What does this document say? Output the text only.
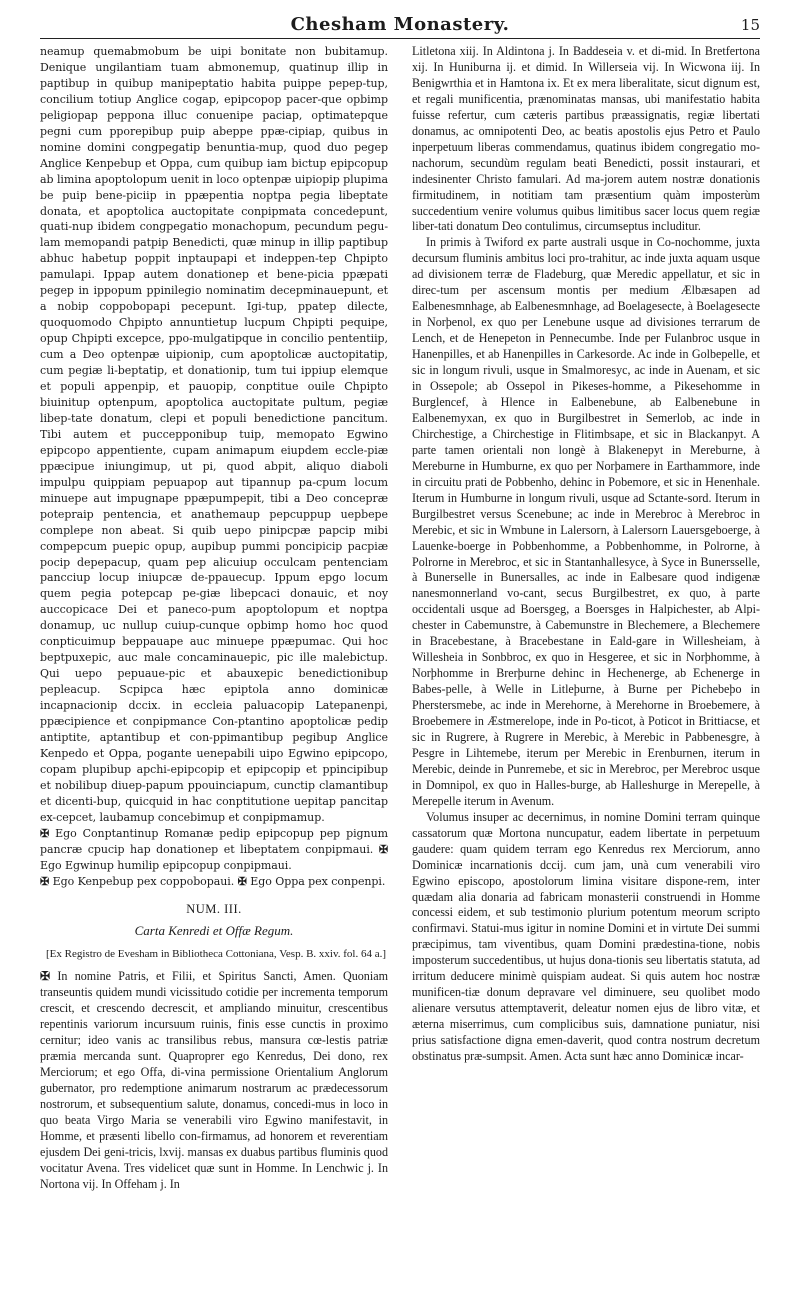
Chesham Monastery.	15

neamup quemabmobum be uipi bonitate non bubitamup. Denique ungilantiam tuam abmonemup, quatinup illip in paptibup in quibup manipeptatio habita puippe pepep-tup, concilium totiup Anglice cogap, epipcopop pacer-que opbimp peligiopap peppona illuc conuenipe paciap, optimatepque pegni cum pporepibup puip abeppe ppæ-cipiap, quibus in nomine domini congpegatip benuntia-mup, quod duo pegep Anglice Kenpebup et Oppa, cum quibup iam bictup epipcopup ab limina apoptolopum uenit in loco optenpæ uipiopip plupima be puip bene-piciip in ppæpentia noptpa pegia libeptate donata, et apoptolica auctopitate conpipmata concedepunt, quati-nup ibidem congpegatio monachopum, pecundum pegu-lam memopandi patpip Benedicti, quæ minup in illip paptibup abhuc habetup poppit inptaupapi et indeppen-tep Chpipto pamulapi. Ippap autem donationep et bene-picia ppæpati pegep in ippopum ppinilegio nominatim decepminauepunt, et a nobip coppobopapi pecepunt. Igi-tup, ppatep dilecte, quoquomodo Chpipto annuntietup lucpum Chpipti pequipe, opup Chpipti excepce, ppo-mulgatipque in concilio pententiip, cum a Deo optenpæ uipionip, cum apoptolicæ auctopitatip, cum pegiæ li-beptatip, et donationip, tum tui ippiup elemque et populi appenpip, et pauopip, conptitue ouile Chpipto biuinitup optenpum, apoptolica auctopitate pultum, pegiæ libep-tate donatum, clepi et populi benedictione pancitum. Tibi autem et puccepponibup tuip, memopato Egwino epipcopo appentiente, cupam animapum eiupdem eccle-piæ ppæcipue iniungimup, ut pi, quod abpit, aliquo diaboli impulpu quippiam pepuapop aut tipannup pa-cpum locum minuepe aut impugnape ppæpumpepit, tibi a Deo concepræ potepraip pentencia, et anathemaup pepcuppup uepbepe complepe non abeat. Si quib uepo pinipcpæ papcip mibi compepcum puepic opup, aupibup pummi poncipicip pacpiæ pocip depepacup, quam pep alicuiup occulcam pentenciam pancciup locup iniupcæ de-ppauecup. Ippum epgo locum quem pegia potepcap pe-giæ libepcaci donauic, et noy auccopicace Dei et paneco-pum apoptolopum et noptpa donamup, uc nullup cuiup-cunque opbimp homo hoc quod conpticuimup beppauape auc minuepe ppæpumac. Qui hoc beptpuxepic, auc male concaminauepic, pic ille malebictup. Qui uepo pepuaue-pic et abauxepic benedictionibup pepleacup. Scpipca hæc epiptola anno dominicæ incapnacionip dccix. in eccleia paluacopip Latepanenpi, ppæcipience et conpipmance Con-ptantino apoptolicæ pedip antiptite, aptantibup et con-ppimantibup pegibup Anglice Kenpedo et Oppa, pogante uenepabili uipo Egwino epipcopo, copam plupibup apchi-epipcopip et epipcopip et ppincipibup et nobilibup diuep-papum ppouinciapum, cunctip clamantibup et dicenti-bup, quicquid in hac conptitutione uepitap pancitap ex-cepcet, laubamup concebimup et conpipmamup.

✠ Ego Conptantinup Romanæ pedip epipcopup pep pignum pancræ cpucip hap donationep et libeptatem conpipmaui. ✠ Ego Egwinup humilip epipcopup conpipmaui.

✠ Ego Kenpebup pex coppobopaui. ✠ Ego Oppa pex conpenpi.

NUM. III.

Carta Kenredi et Offæ Regum.

[Ex Registro de Evesham in Bibliotheca Cottoniana, Vesp. B. xxiv. fol. 64 a.]

✠ In nomine Patris, et Filii, et Spiritus Sancti, Amen. Quoniam transeuntis quidem mundi vicissitudo cotidie per incrementa temporum crescit, et crescendo decrescit, et ampliando minuitur, crescentibus repentinis variorum incursuum ruinis, finis esse cunctis in proximo cernitur; ideo vanis ac transilibus rebus, mansura cœ-lestis patriæ præmia mercanda sunt. Quaproprer ego Kenredus, Dei dono, rex Merciorum; et ego Offa, di-vina permissione Orientalium Anglorum gubernator, pro redemptione animarum nostrarum ac prædecessorum nostrorum, et subsequentium salute, donamus, concedi-mus in loco in quo beata Virgo Maria se venerabili viro Egwino manifestavit, in Homme, et præsenti libello con-firmamus, ad honorem et reverentiam ejusdem Dei geni-tricis, lxvij. mansas ex duabus partibus fluminis quod vocitatur Avena. Tres videlicet quæ sunt in Homme. In Lenchwic j. In Nortona vij. In Offeham j. In

Litletona xiij. In Aldintona j. In Baddeseia v. et di-mid. In Bretfertona xij. In Huniburna ij. et dimid. In Willerseia vij. In Wicwona iij. In Benigwrthia et in Hamtona ix. Et ex mera liberalitate, sicut dignum est, et regali munificentia, prænominatas mansas, ubi manifestatio habita fuisse refertur, cum cæteris partibus præassignatis, regiæ libertati donamus, ac omnipotenti Deo, ac beatis apostolis ejus Petro et Paulo inperpetuum liberas commendamus, quatinus ibidem congregatio mo-nachorum, secundùm regulam beati Benedicti, possit instaurari, et indesinenter Christo famulari. Ad ma-jorem autem nostræ donationis firmitudinem, in notitiam tam præsentium quàm imposterùm succedentium venire volumus quibus limitibus sacer locus quem regiæ liber-tati donatum Deo contulimus, circumseptus includitur.

In primis à Twiford ex parte australi usque in Co-nochomme, juxta decursum fluminis ambitus loci pro-trahitur, ac inde juxta aquam usque ad divisionem terræ de Fladeburg, quæ Meredic appellatur, et sic in direc-tum per ascensum montis per medium Ælbæsapen ad Ealbenesmnhage, ab Ealbenesmnhage, ad Boelagesecte, à Boelagesecte in Norþenol, ex quo per Lenebune usque ad divisiones terrarum de Lench, et de Henepeton in Pennecumbe. Inde per Fulanbroc usque in Hanenpilles, et ab Hanenpilles in Carkesorde. Ac inde in Golbepelle, et sic in longum rivuli, usque in Smalmoresyc, ac inde in Auenam, et sic in Ossepole; ab Ossepol in Pikeses-homme, a Pikesehomme in Burglencef, à Hlence in Ealbenebune, ab Ealbenebune in Ealbenemyxan, ex quo in Burgilbestret in Semerlob, ac inde in Chirchestige, a Chirchestige in Flitimbsape, et sic in Blackanpyt. A parte tamen orientali non longè à Blakenepyt in Mereburne, à Mereburne in Humburne, ex quo per Norþamere in Earthammore, inde in circuitu prati de Pobbenho, dehinc in Pobemore, et sic in Henenhale. Iterum in Humburne in longum rivuli, usque ad Sctante-sord. Iterum in Burgilbestret versus Scenebune; ac inde in Merebroc à Merebroc in Merebic, et sic in Wmbune in Lalersorn, à Lalersorn Lauersgeboerge, à Lauenke-boerge in Pobbenhomme, a Pobbenhomme, in Polrorne, à Polrorne in Merebroc, et sic in Stantanhallesyce, à Syce in Bunersselle, à Bunerselle in Bunersalles, ac inde in Ealbesare quod indigenæ nanesmonnerland vo-cant, secus Burgilbestret, ex quo, à parte occidentali usque ad Boersgeg, a Boersges in Halpichester, ab Alpi-chester in Cabemunstre, à Cabemunstre in Blechemere, a Blechemere in Bracebestane, à Bracebestane in Eald-gare in Willesheiam, à Willesheia in Sonbbroc, ex quo in Hesgeree, et sic in Norþhomme, à Norþhomme in Brerþurne dehinc in Hechenerge, ab Echenerge in Babes-pelle, à Welle in Litleþurne, à Burne per Pichebeþo in Pherstersmebe, ac inde in Merehorne, à Merehorne in Broebemere, à Broebemere in Æstmerelope, inde in Po-ticot, à Poticot in Brittiacse, et sic in Rugrere, à Rugrere in Merebic, à Merebic in Pabbenesgre, à Pesgre in Lihtemebe, iterum per Merebic in Erenburnen, iterum in Merebic, deinde in Punremebe, et sic in Merebroc, per Merebroc usque in Domnipol, ex quo in Halles-burge, ab Halleshurge in Merepelle, à Merepelle iterum in Avenum.

Volumus insuper ac decernimus, in nomine Domini terram quinque cassatorum quæ Mortona nuncupatur, eadem libertate in perpetuum gaudere: quam quidem terram ego Kenredus rex Merciorum, anno Dominicæ incarnationis dccij. cum jam, unà cum venerabili viro Egwino episcopo, apostolorum limina visitare dispone-rem, inter quædam alia donaria ad fabricam monasterii construendi in Homme concessi eidem, et sub testimonio plurium potentum meorum scripto confirmavi. Statui-mus igitur in nomine Domini et in virtute Dei summi præcipimus, tam viventibus, quam Domini prædestina-tione, nobis imposterum succedentibus, ut hujus dona-tionis seu libertatis statuta, ad irritum deducere minimè quispiam audeat. Si quis autem hoc nostræ munificen-tiæ donum depravare vel diminuere, seu quolibet modo alienare versutus attemptaverit, deleatur nomen ejus de libro vitæ, et æterna miserrimus, cum complicibus suis, damnatione puniatur, nisi prius satisfactione digna emen-daverit, quod contra nostrum decretum obstinatus præ-sumpsit. Amen. Acta sunt hæc anno Dominicæ incar-
